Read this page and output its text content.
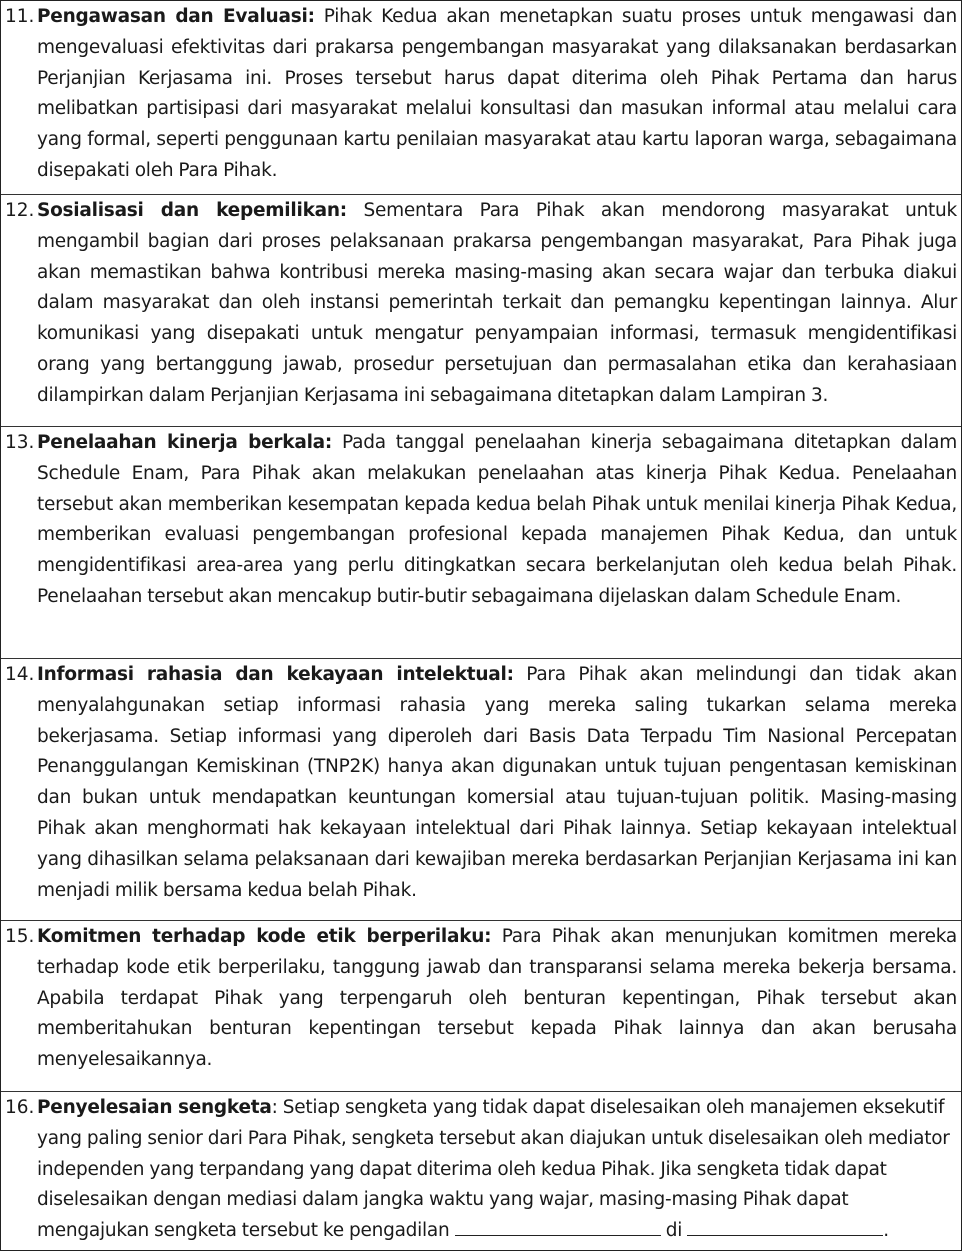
11. Pengawasan dan Evaluasi: Pihak Kedua akan menetapkan suatu proses untuk mengawasi dan mengevaluasi efektivitas dari prakarsa pengembangan masyarakat yang dilaksanakan berdasarkan Perjanjian Kerjasama ini. Proses tersebut harus dapat diterima oleh Pihak Pertama dan harus melibatkan partisipasi dari masyarakat melalui konsultasi dan masukan informal atau melalui cara yang formal, seperti penggunaan kartu penilaian masyarakat atau kartu laporan warga, sebagaimana disepakati oleh Para Pihak.
12. Sosialisasi dan kepemilikan: Sementara Para Pihak akan mendorong masyarakat untuk mengambil bagian dari proses pelaksanaan prakarsa pengembangan masyarakat, Para Pihak juga akan memastikan bahwa kontribusi mereka masing-masing akan secara wajar dan terbuka diakui dalam masyarakat dan oleh instansi pemerintah terkait dan pemangku kepentingan lainnya. Alur komunikasi yang disepakati untuk mengatur penyampaian informasi, termasuk mengidentifikasi orang yang bertanggung jawab, prosedur persetujuan dan permasalahan etika dan kerahasiaan dilampirkan dalam Perjanjian Kerjasama ini sebagaimana ditetapkan dalam Lampiran 3.
13. Penelaahan kinerja berkala: Pada tanggal penelaahan kinerja sebagaimana ditetapkan dalam Schedule Enam, Para Pihak akan melakukan penelaahan atas kinerja Pihak Kedua. Penelaahan tersebut akan memberikan kesempatan kepada kedua belah Pihak untuk menilai kinerja Pihak Kedua, memberikan evaluasi pengembangan profesional kepada manajemen Pihak Kedua, dan untuk mengidentifikasi area-area yang perlu ditingkatkan secara berkelanjutan oleh kedua belah Pihak. Penelaahan tersebut akan mencakup butir-butir sebagaimana dijelaskan dalam Schedule Enam.
14. Informasi rahasia dan kekayaan intelektual: Para Pihak akan melindungi dan tidak akan menyalahgunakan setiap informasi rahasia yang mereka saling tukarkan selama mereka bekerjasama. Setiap informasi yang diperoleh dari Basis Data Terpadu Tim Nasional Percepatan Penanggulangan Kemiskinan (TNP2K) hanya akan digunakan untuk tujuan pengentasan kemiskinan dan bukan untuk mendapatkan keuntungan komersial atau tujuan-tujuan politik. Masing-masing Pihak akan menghormati hak kekayaan intelektual dari Pihak lainnya. Setiap kekayaan intelektual yang dihasilkan selama pelaksanaan dari kewajiban mereka berdasarkan Perjanjian Kerjasama ini kan menjadi milik bersama kedua belah Pihak.
15. Komitmen terhadap kode etik berperilaku: Para Pihak akan menunjukan komitmen mereka terhadap kode etik berperilaku, tanggung jawab dan transparansi selama mereka bekerja bersama. Apabila terdapat Pihak yang terpengaruh oleh benturan kepentingan, Pihak tersebut akan memberitahukan benturan kepentingan tersebut kepada Pihak lainnya dan akan berusaha menyelesaikannya.
16. Penyelesaian sengketa: Setiap sengketa yang tidak dapat diselesaikan oleh manajemen eksekutif yang paling senior dari Para Pihak, sengketa tersebut akan diajukan untuk diselesaikan oleh mediator independen yang terpandang yang dapat diterima oleh kedua Pihak. Jika sengketa tidak dapat diselesaikan dengan mediasi dalam jangka waktu yang wajar, masing-masing Pihak dapat mengajukan sengketa tersebut ke pengadilan	di	.
